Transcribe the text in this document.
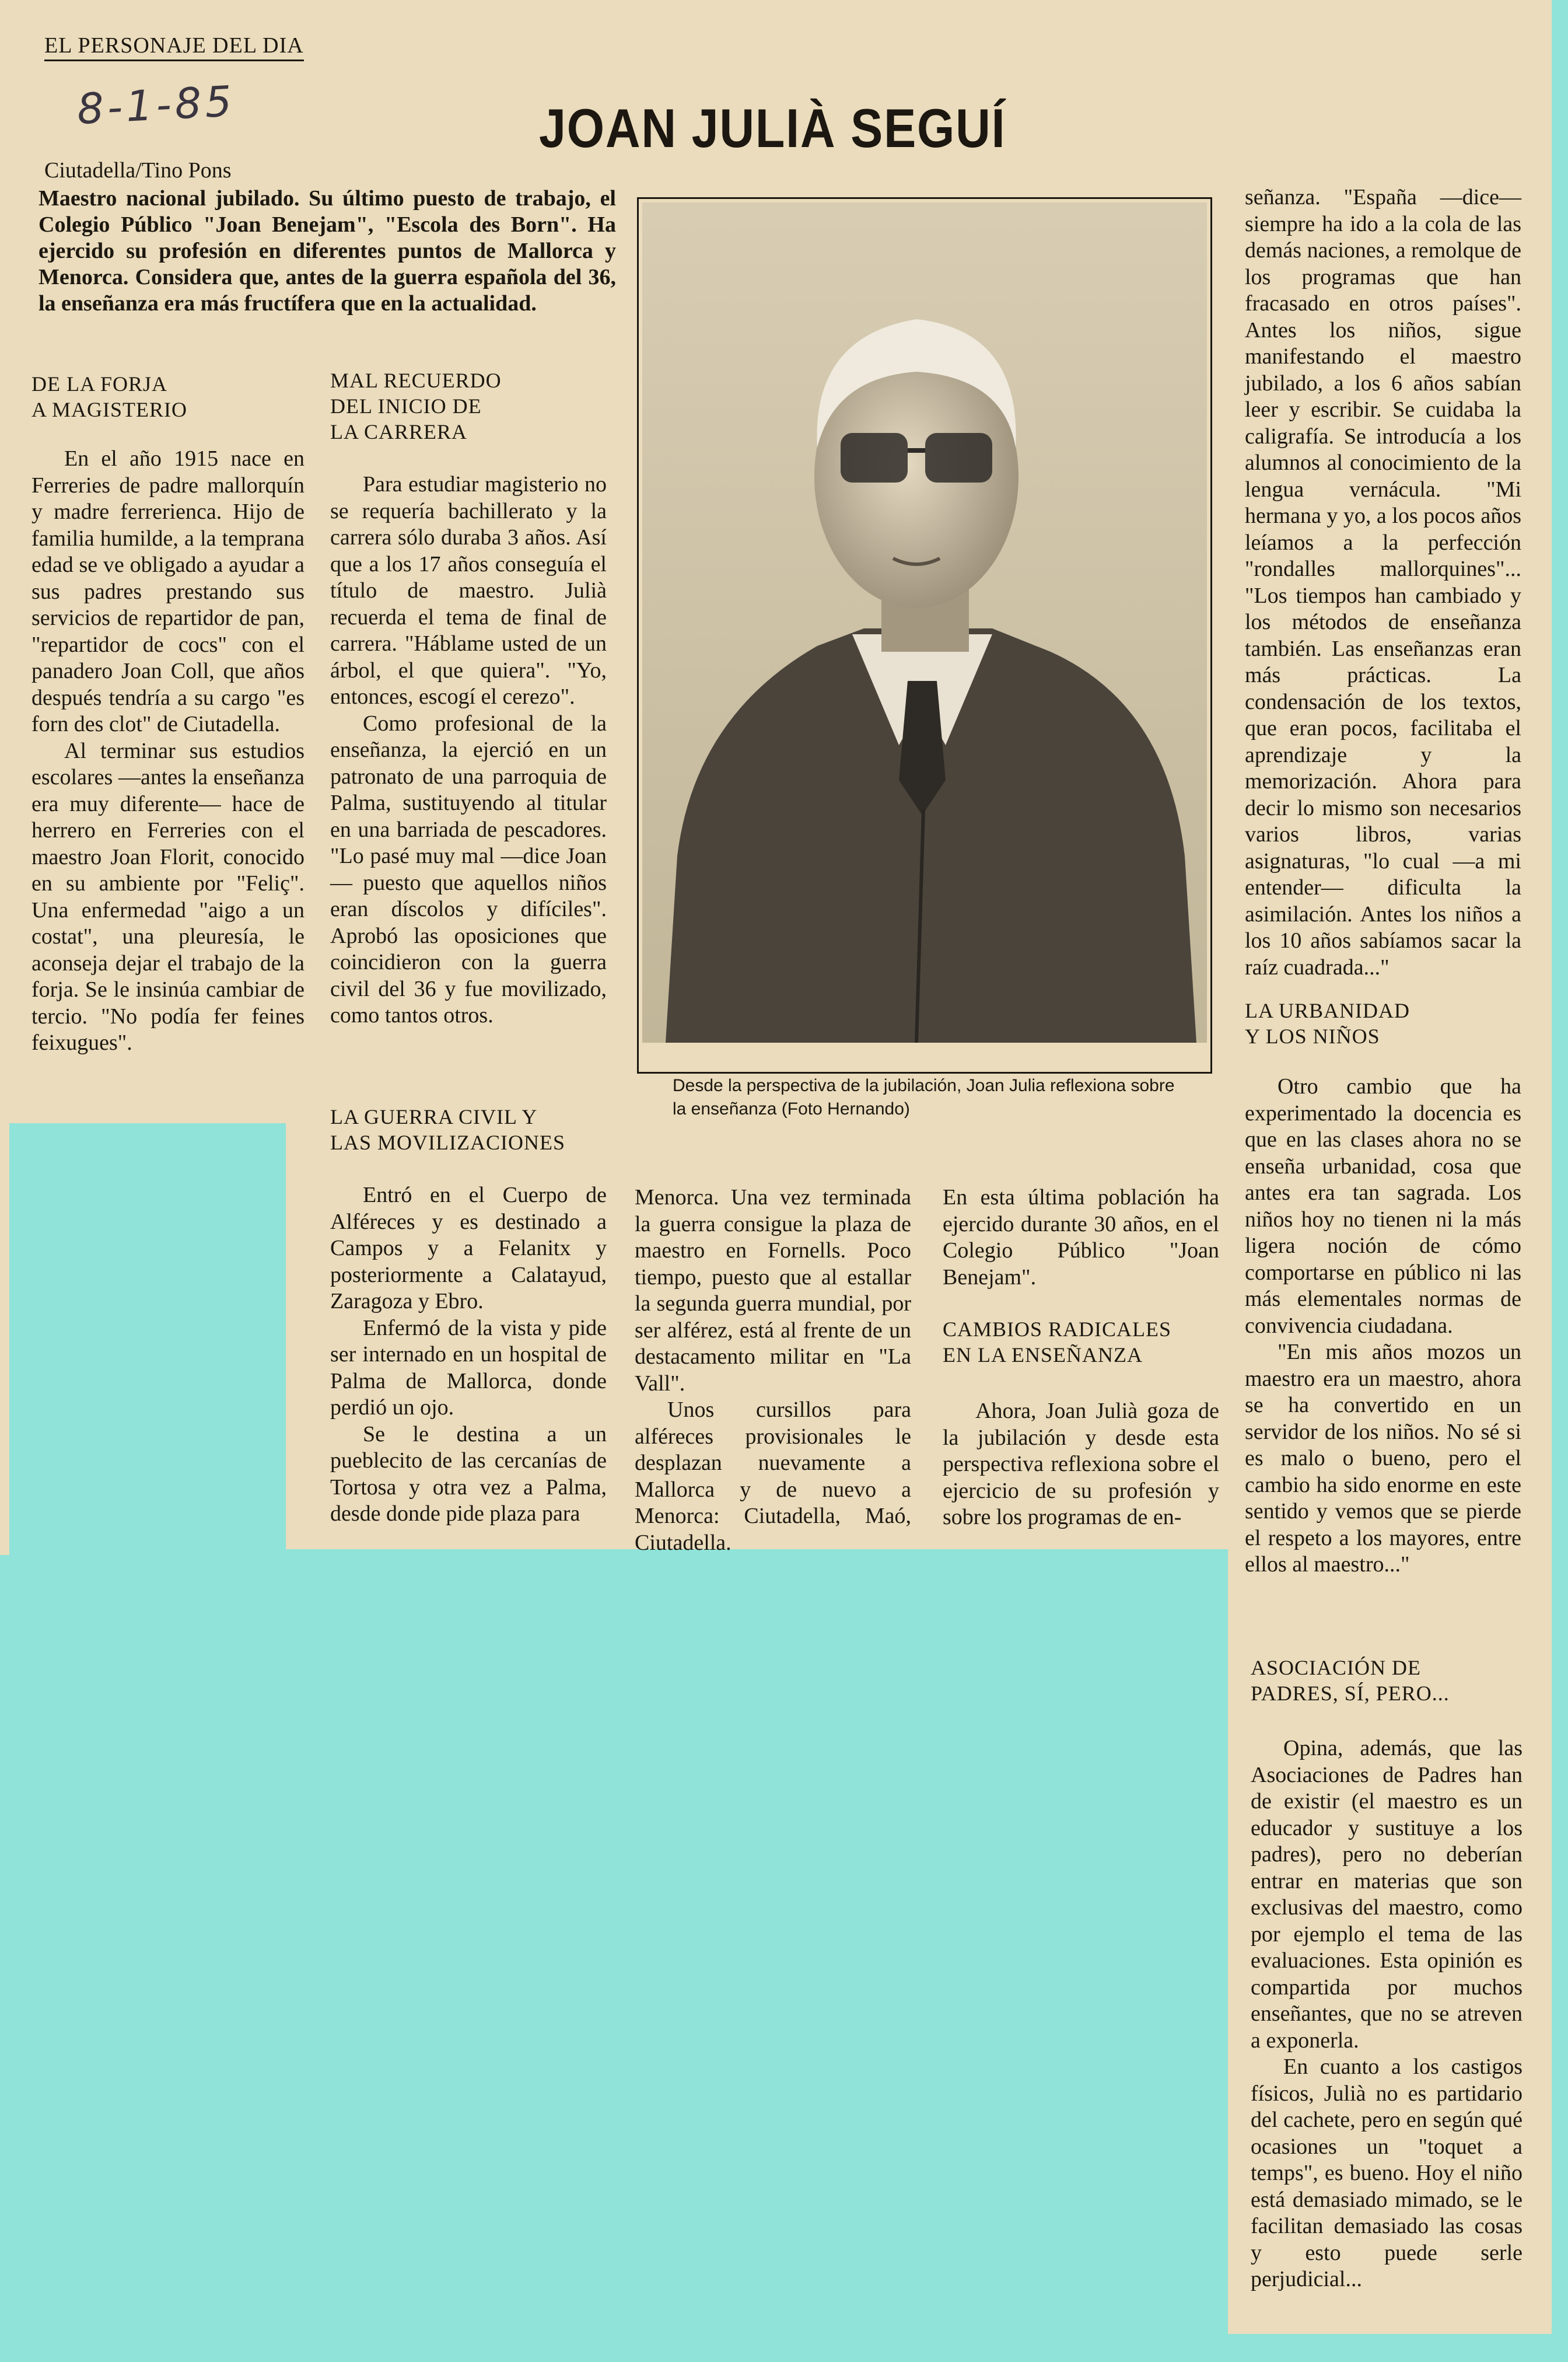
EL PERSONAJE DEL DIA
8-1-85	JOAN JULIÀ SEGUÍ
Ciutadella/Tino Pons
Maestro nacional jubilado. Su último puesto de trabajo, el Colegio Público "Joan Benejam", "Escola des Born". Ha ejercido su profesión en diferentes puntos de Mallorca y Menorca. Considera que, antes de la guerra española del 36, la enseñanza era más fructífera que en la actualidad.
Desde la perspectiva de la jubilación, Joan Julia reflexiona sobre la enseñanza (Foto Hernando)
DE LA FORJA
A MAGISTERIO

En el año 1915 nace en Ferreries de padre mallorquín y madre ferrerienca. Hijo de familia humilde, a la temprana edad se ve obligado a ayudar a sus padres prestando sus servicios de repartidor de pan, "repartidor de cocs" con el panadero Joan Coll, que años después tendría a su cargo "es forn des clot" de Ciutadella.

Al terminar sus estudios escolares —antes la enseñanza era muy diferente— hace de herrero en Ferreries con el maestro Joan Florit, conocido en su ambiente por "Feliç". Una enfermedad "aigo a un costat", una pleuresía, le aconseja dejar el trabajo de la forja. Se le insinúa cambiar de tercio. "No podía fer feines feixugues".

MAL RECUERDO
DEL INICIO DE
LA CARRERA

Para estudiar magisterio no se requería bachillerato y la carrera sólo duraba 3 años. Así que a los 17 años conseguía el título de maestro. Julià recuerda el tema de final de carrera. "Háblame usted de un árbol, el que quiera". "Yo, entonces, escogí el cerezo".

Como profesional de la enseñanza, la ejerció en un patronato de una parroquia de Palma, sustituyendo al titular en una barriada de pescadores. "Lo pasé muy mal —dice Joan— puesto que aquellos niños eran díscolos y difíciles". Aprobó las oposiciones que coincidieron con la guerra civil del 36 y fue movilizado, como tantos otros.

LA GUERRA CIVIL Y
LAS MOVILIZACIONES

Entró en el Cuerpo de Alféreces y es destinado a Campos y a Felanitx y posteriormente a Calatayud, Zaragoza y Ebro.

Enfermó de la vista y pide ser internado en un hospital de Palma de Mallorca, donde perdió un ojo.

Se le destina a un pueblecito de las cercanías de Tortosa y otra vez a Palma, desde donde pide plaza para

Menorca. Una vez terminada la guerra consigue la plaza de maestro en Fornells. Poco tiempo, puesto que al estallar la segunda guerra mundial, por ser alférez, está al frente de un destacamento militar en "La Vall".

Unos cursillos para alféreces provisionales le desplazan nuevamente a Mallorca y de nuevo a Menorca: Ciutadella, Maó, Ciutadella.

En esta última población ha ejercido durante 30 años, en el Colegio Público "Joan Benejam".

CAMBIOS RADICALES
EN LA ENSEÑANZA

Ahora, Joan Julià goza de la jubilación y desde esta perspectiva reflexiona sobre el ejercicio de su profesión y sobre los programas de en-

señanza. "España —dice— siempre ha ido a la cola de las demás naciones, a remolque de los programas que han fracasado en otros países". Antes los niños, sigue manifestando el maestro jubilado, a los 6 años sabían leer y escribir. Se cuidaba la caligrafía. Se introducía a los alumnos al conocimiento de la lengua vernácula. "Mi hermana y yo, a los pocos años leíamos a la perfección "rondalles mallorquines"... "Los tiempos han cambiado y los métodos de enseñanza también. Las enseñanzas eran más prácticas. La condensación de los textos, que eran pocos, facilitaba el aprendizaje y la memorización. Ahora para decir lo mismo son necesarios varios libros, varias asignaturas, "lo cual —a mi entender— dificulta la asimilación. Antes los niños a los 10 años sabíamos sacar la raíz cuadrada..."

LA URBANIDAD
Y LOS NIÑOS

Otro cambio que ha experimentado la docencia es que en las clases ahora no se enseña urbanidad, cosa que antes era tan sagrada. Los niños hoy no tienen ni la más ligera noción de cómo comportarse en público ni las más elementales normas de convivencia ciudadana.

"En mis años mozos un maestro era un maestro, ahora se ha convertido en un servidor de los niños. No sé si es malo o bueno, pero el cambio ha sido enorme en este sentido y vemos que se pierde el respeto a los mayores, entre ellos al maestro..."

ASOCIACIÓN DE
PADRES, SÍ, PERO...

Opina, además, que las Asociaciones de Padres han de existir (el maestro es un educador y sustituye a los padres), pero no deberían entrar en materias que son exclusivas del maestro, como por ejemplo el tema de las evaluaciones. Esta opinión es compartida por muchos enseñantes, que no se atreven a exponerla.

En cuanto a los castigos físicos, Julià no es partidario del cachete, pero en según qué ocasiones un "toquet a temps", es bueno. Hoy el niño está demasiado mimado, se le facilitan demasiado las cosas y esto puede serle perjudicial...
